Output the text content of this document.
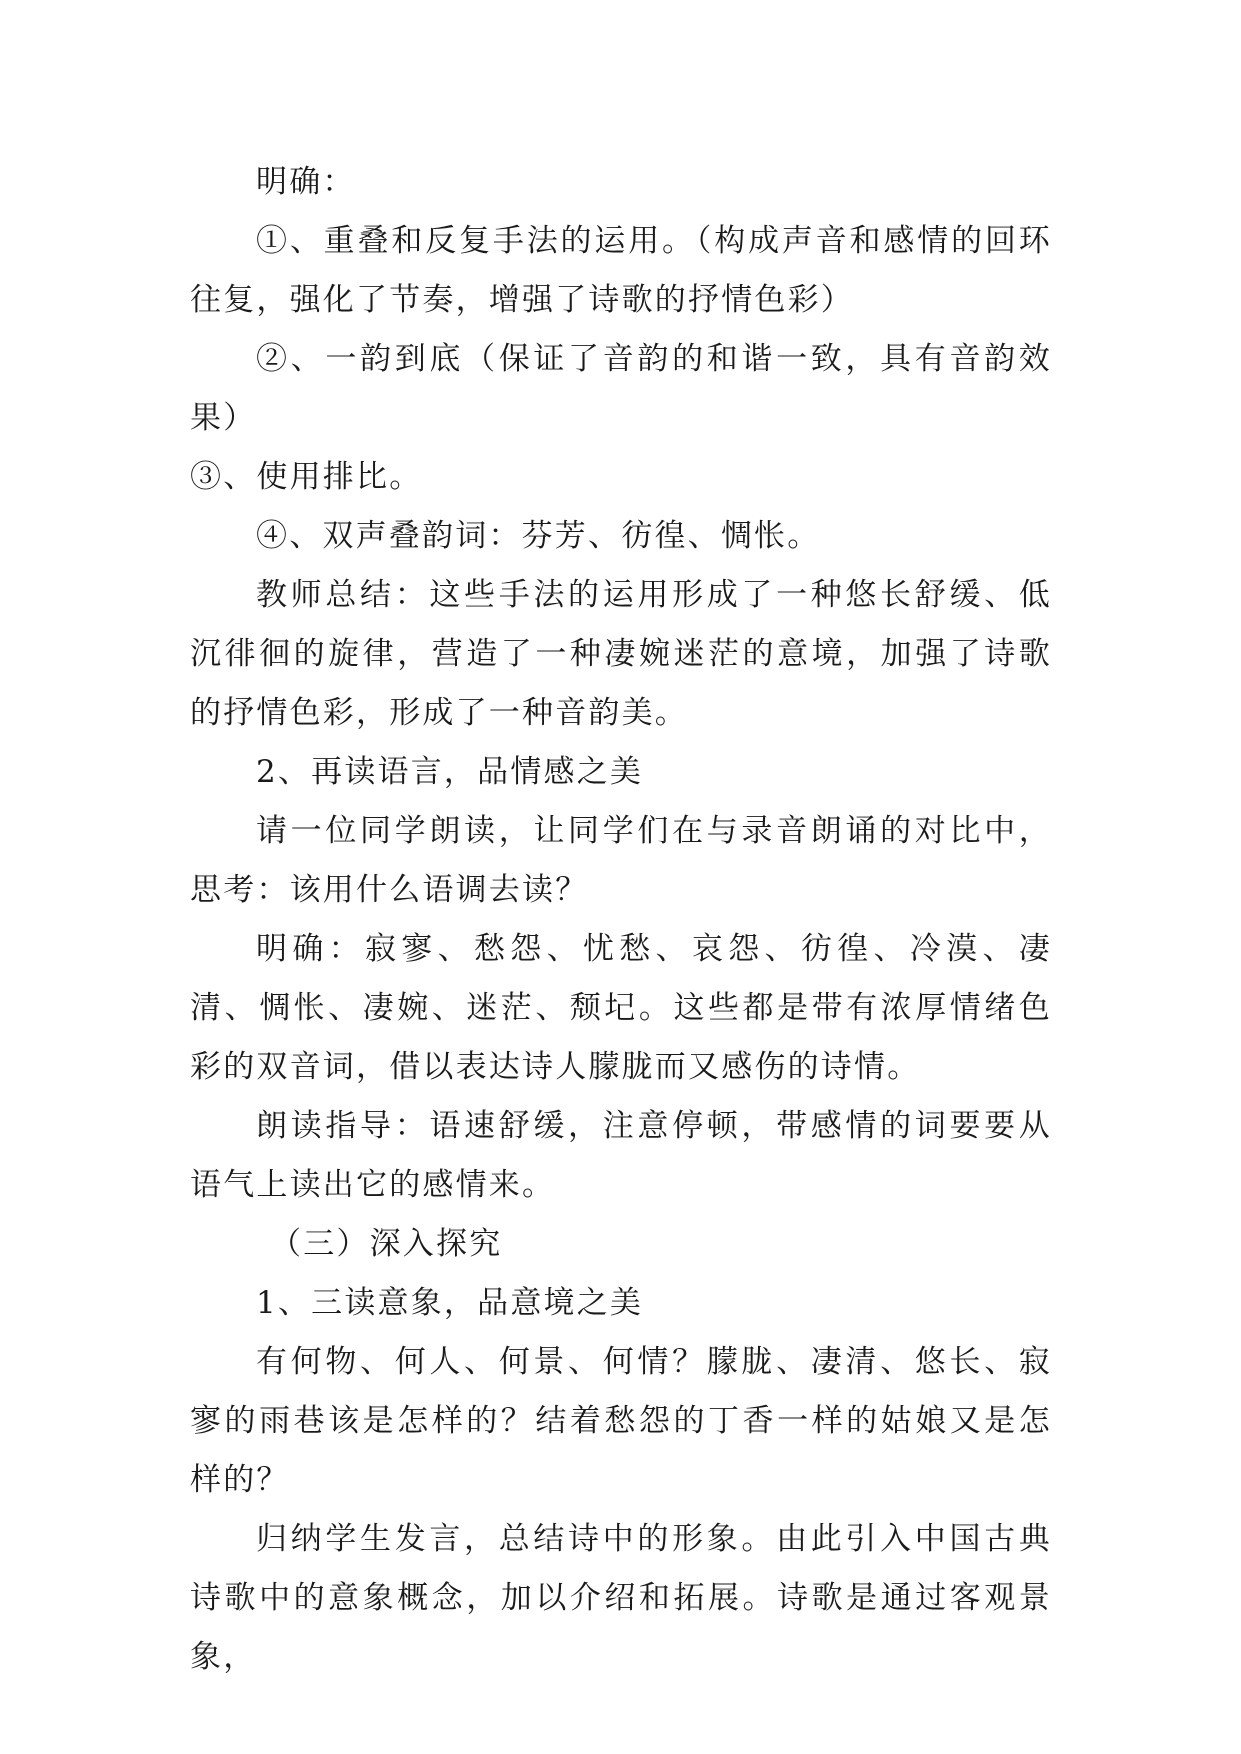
明确：

①、重叠和反复手法的运用。（构成声音和感情的回环往复，强化了节奏，增强了诗歌的抒情色彩）

②、一韵到底（保证了音韵的和谐一致，具有音韵效果）

③、使用排比。

④、双声叠韵词：芬芳、彷徨、惆怅。

教师总结：这些手法的运用形成了一种悠长舒缓、低沉徘徊的旋律，营造了一种凄婉迷茫的意境，加强了诗歌的抒情色彩，形成了一种音韵美。

2、再读语言，品情感之美

请一位同学朗读，让同学们在与录音朗诵的对比中，思考：该用什么语调去读？

明确：寂寥、愁怨、忧愁、哀怨、彷徨、冷漠、凄清、惆怅、凄婉、迷茫、颓圮。这些都是带有浓厚情绪色彩的双音词，借以表达诗人朦胧而又感伤的诗情。

朗读指导：语速舒缓，注意停顿，带感情的词要要从语气上读出它的感情来。

（三）深入探究

1、三读意象，品意境之美

有何物、何人、何景、何情？朦胧、凄清、悠长、寂寥的雨巷该是怎样的？结着愁怨的丁香一样的姑娘又是怎样的？

归纳学生发言，总结诗中的形象。由此引入中国古典诗歌中的意象概念，加以介绍和拓展。诗歌是通过客观景象，
